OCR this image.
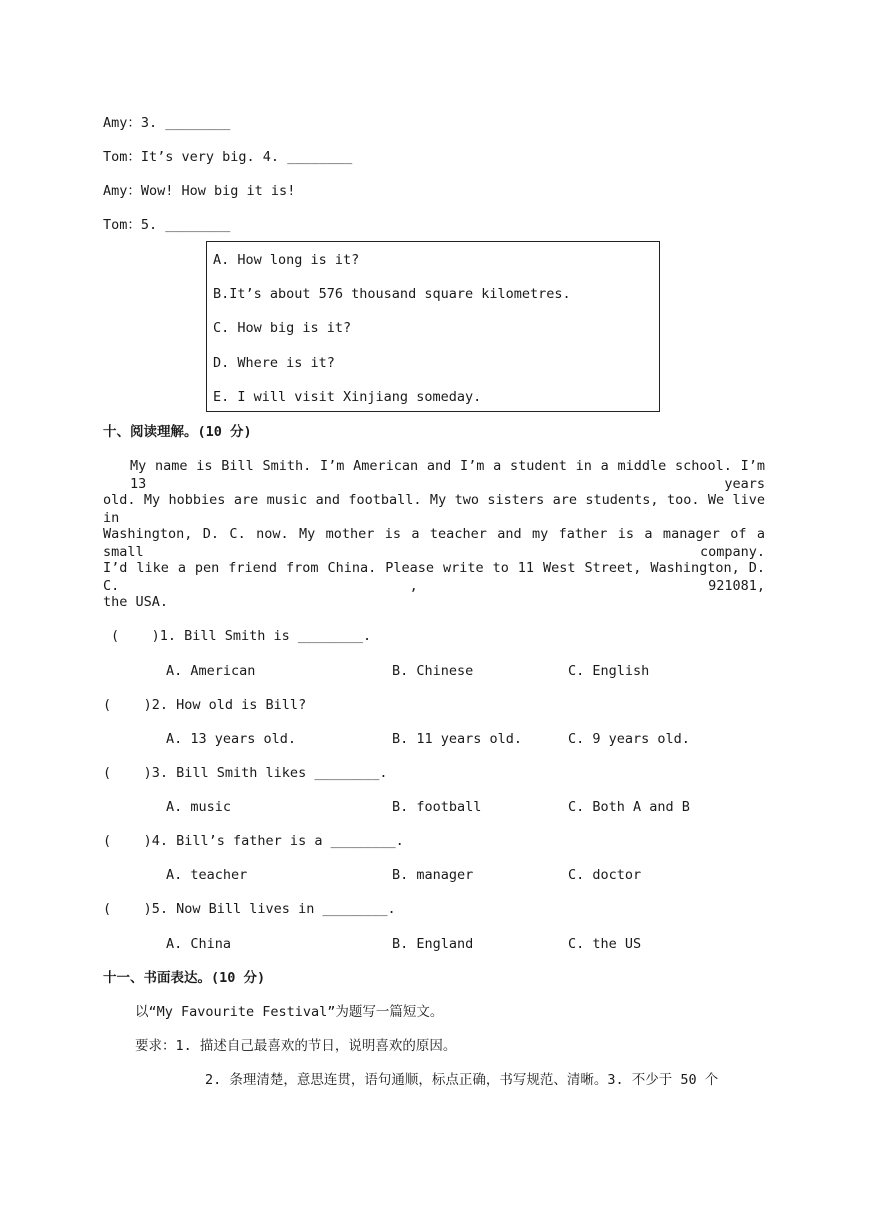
Amy：3. ________
Tom：It’s very big. 4. ________
Amy：Wow! How big it is!
Tom：5. ________
A. How long is it?
B.It’s about 576 thousand square kilometres.
C. How big is it?
D. Where is it?
E. I will visit Xinjiang someday.
十、阅读理解。(10 分)
My name is Bill Smith. I’m American and I’m a student in a middle school. I’m 13 years
old. My hobbies are music and football. My two sisters are students, too. We live in
Washington, D. C. now. My mother is a teacher and my father is a manager of a small company.
I’d like a pen friend from China. Please write to 11 West Street, Washington, D. C. , 921081,
the USA.
(    )1. Bill Smith is ________.
A. American	B. Chinese	C. English
(    )2. How old is Bill?
A. 13 years old.	B. 11 years old.	C. 9 years old.
(    )3. Bill Smith likes ________.
A. music	B. football	C. Both A and B
(    )4. Bill’s father is a ________.
A. teacher	B. manager	C. doctor
(    )5. Now Bill lives in ________.
A. China	B. England	C. the US
十一、书面表达。(10 分)
以“My Favourite Festival”为题写一篇短文。
要求：1. 描述自己最喜欢的节日，说明喜欢的原因。
2. 条理清楚，意思连贯，语句通顺，标点正确，书写规范、清晰。3. 不少于 50 个
